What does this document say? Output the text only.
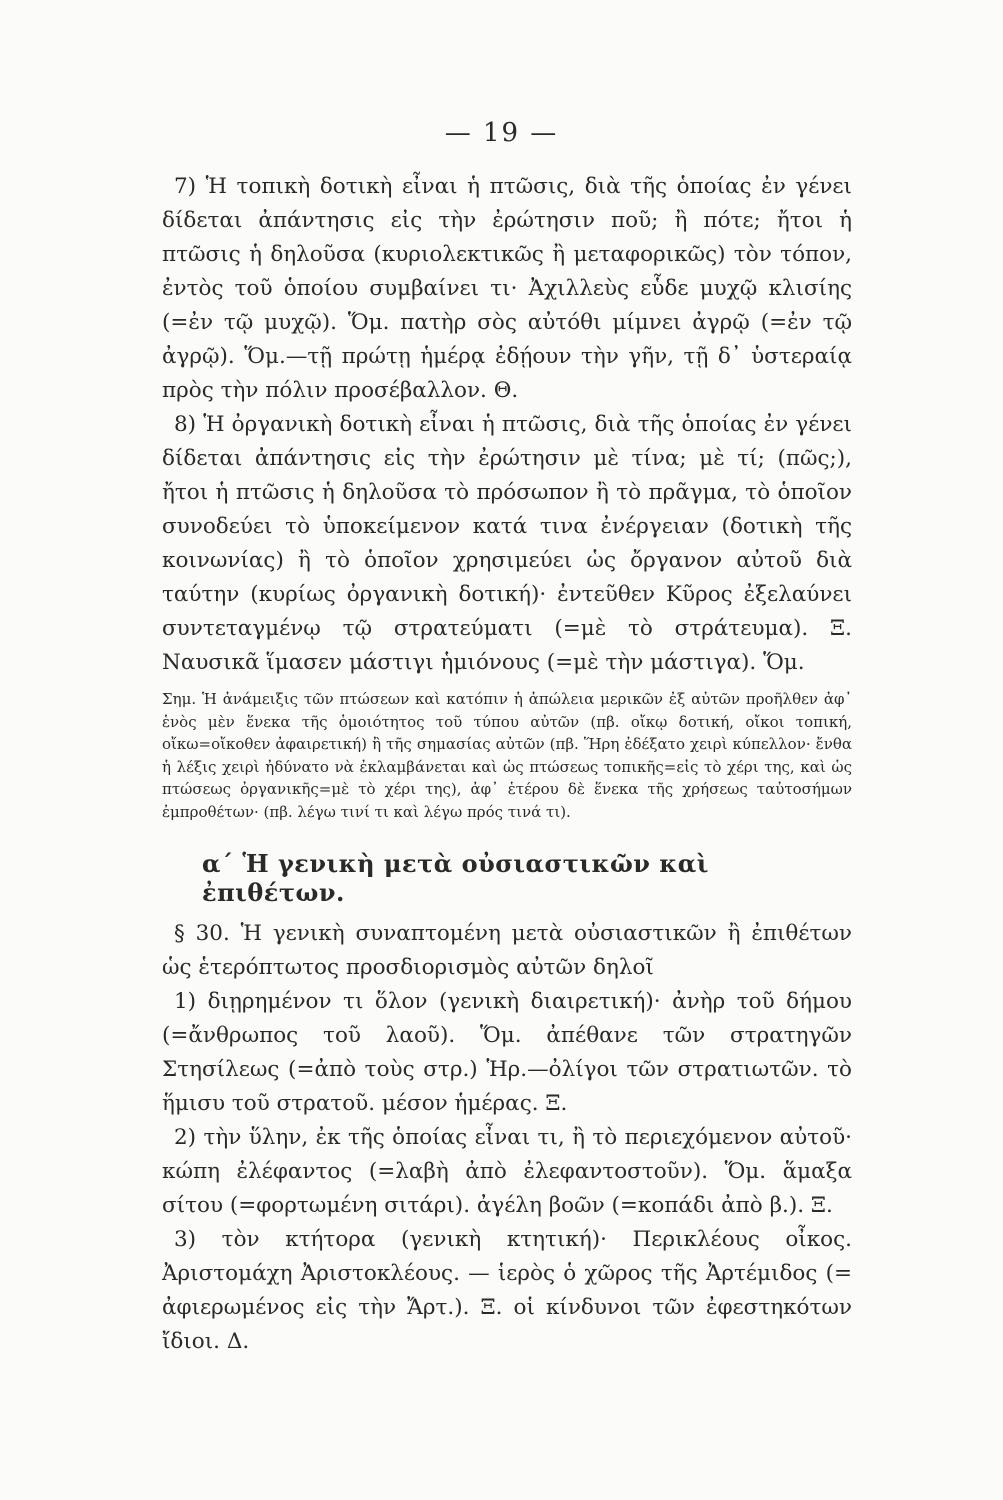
— 19 —

7) Ἡ τοπικὴ δοτικὴ εἶναι ἡ πτῶσις, διὰ τῆς ὁποίας ἐν γένει δίδεται ἀπάντησις εἰς τὴν ἐρώτησιν ποῦ; ἢ πότε; ἤτοι ἡ πτῶσις ἡ δηλοῦσα (κυριολεκτικῶς ἢ μεταφορικῶς) τὸν τόπον, ἐντὸς τοῦ ὁποίου συμβαίνει τι· Ἀχιλλεὺς εὗδε μυχῷ κλισίης (=ἐν τῷ μυχῷ). Ὅμ. πατὴρ σὸς αὐτόθι μίμνει ἀγρῷ (=ἐν τῷ ἀγρῷ). Ὅμ.—τῇ πρώτῃ ἡμέρᾳ ἐδῄουν τὴν γῆν, τῇ δ᾽ ὑστεραίᾳ πρὸς τὴν πόλιν προσέβαλλον. Θ.

8) Ἡ ὀργανικὴ δοτικὴ εἶναι ἡ πτῶσις, διὰ τῆς ὁποίας ἐν γένει δίδεται ἀπάντησις εἰς τὴν ἐρώτησιν μὲ τίνα; μὲ τί; (πῶς;), ἤτοι ἡ πτῶσις ἡ δηλοῦσα τὸ πρόσωπον ἢ τὸ πρᾶγμα, τὸ ὁποῖον συνοδεύει τὸ ὑποκείμενον κατά τινα ἐνέργειαν (δοτικὴ τῆς κοινωνίας) ἢ τὸ ὁποῖον χρησιμεύει ὡς ὄργανον αὐτοῦ διὰ ταύτην (κυρίως ὀργανικὴ δοτική)· ἐντεῦθεν Κῦρος ἐξελαύνει συντεταγμένῳ τῷ στρατεύματι (=μὲ τὸ στράτευμα). Ξ. Ναυσικᾶ ἵμασεν μάστιγι ἡμιόνους (=μὲ τὴν μάστιγα). Ὅμ.

Σημ. Ἡ ἀνάμειξις τῶν πτώσεων καὶ κατόπιν ἡ ἀπώλεια μερικῶν ἐξ αὐτῶν προῆλθεν ἀφ᾽ ἑνὸς μὲν ἕνεκα τῆς ὁμοιότητος τοῦ τύπου αὐτῶν (πβ. οἴκῳ δοτική, οἴκοι τοπική, οἴκω=οἴκοθεν ἀφαιρετική) ἢ τῆς σημασίας αὐτῶν (πβ. Ἥρη ἐδέξατο χειρὶ κύπελλον· ἔνθα ἡ λέξις χειρὶ ἠδύνατο νὰ ἐκλαμβάνεται καὶ ὡς πτώσεως τοπικῆς=εἰς τὸ χέρι της, καὶ ὡς πτώσεως ὀργανικῆς=μὲ τὸ χέρι της), ἀφ᾽ ἑτέρου δὲ ἕνεκα τῆς χρήσεως ταὐτοσήμων ἐμπροθέτων· (πβ. λέγω τινί τι καὶ λέγω πρός τινά τι).

α´ Ἡ γενικὴ μετὰ οὐσιαστικῶν καὶ ἐπιθέτων.

§ 30. Ἡ γενικὴ συναπτομένη μετὰ οὐσιαστικῶν ἢ ἐπιθέτων ὡς ἑτερόπτωτος προσδιορισμὸς αὐτῶν δηλοῖ

1) διῃρημένον τι ὅλον (γενικὴ διαιρετική)· ἀνὴρ τοῦ δήμου (=ἄνθρωπος τοῦ λαοῦ). Ὅμ. ἀπέθανε τῶν στρατηγῶν Στησίλεως (=ἀπὸ τοὺς στρ.) Ἡρ.—ὀλίγοι τῶν στρατιωτῶν. τὸ ἥμισυ τοῦ στρατοῦ. μέσον ἡμέρας. Ξ.

2) τὴν ὕλην, ἐκ τῆς ὁποίας εἶναι τι, ἢ τὸ περιεχόμενον αὐτοῦ· κώπη ἐλέφαντος (=λαβὴ ἀπὸ ἐλεφαντοστοῦν). Ὅμ. ἅμαξα σίτου (=φορτωμένη σιτάρι). ἀγέλη βοῶν (=κοπάδι ἀπὸ β.). Ξ.

3) τὸν κτήτορα (γενικὴ κτητική)· Περικλέους οἶκος. Ἀριστομάχη Ἀριστοκλέους. — ἱερὸς ὁ χῶρος τῆς Ἀρτέμιδος (= ἀφιερωμένος εἰς τὴν Ἄρτ.). Ξ. οἱ κίνδυνοι τῶν ἐφεστηκότων ἴδιοι. Δ.
